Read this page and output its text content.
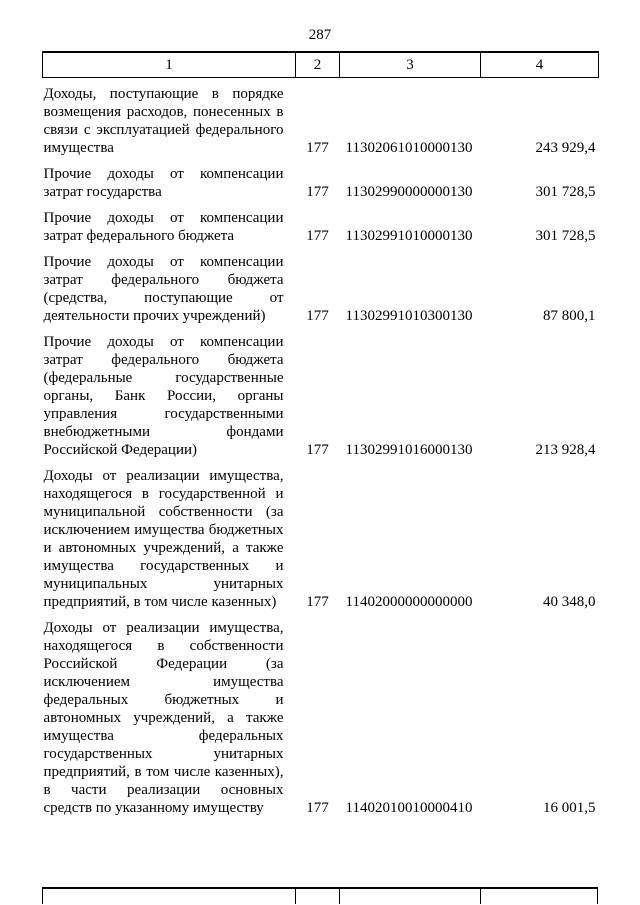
287
1	2	3	4
Доходы, поступающие в порядке возмещения расходов, понесенных в связи с эксплуатацией федерального имущества	177	11302061010000130	243 929,4
Прочие доходы от компенсации затрат государства	177	11302990000000130	301 728,5
Прочие доходы от компенсации затрат федерального бюджета	177	11302991010000130	301 728,5
Прочие доходы от компенсации затрат федерального бюджета (средства, поступающие от деятельности прочих учреждений)	177	11302991010300130	87 800,1
Прочие доходы от компенсации затрат федерального бюджета (федеральные государственные органы, Банк России, органы управления государственными внебюджетными фондами Российской Федерации)	177	11302991016000130	213 928,4
Доходы от реализации имущества, находящегося в государственной и муниципальной собственности (за исключением имущества бюджетных и автономных учреждений, а также имущества государственных и муниципальных унитарных предприятий, в том числе казенных)	177	11402000000000000	40 348,0
Доходы от реализации имущества, находящегося в собственности Российской Федерации (за исключением имущества федеральных бюджетных и автономных учреждений, а также имущества федеральных государственных унитарных предприятий, в том числе казенных), в части реализации основных средств по указанному имуществу	177	11402010010000410	16 001,5
